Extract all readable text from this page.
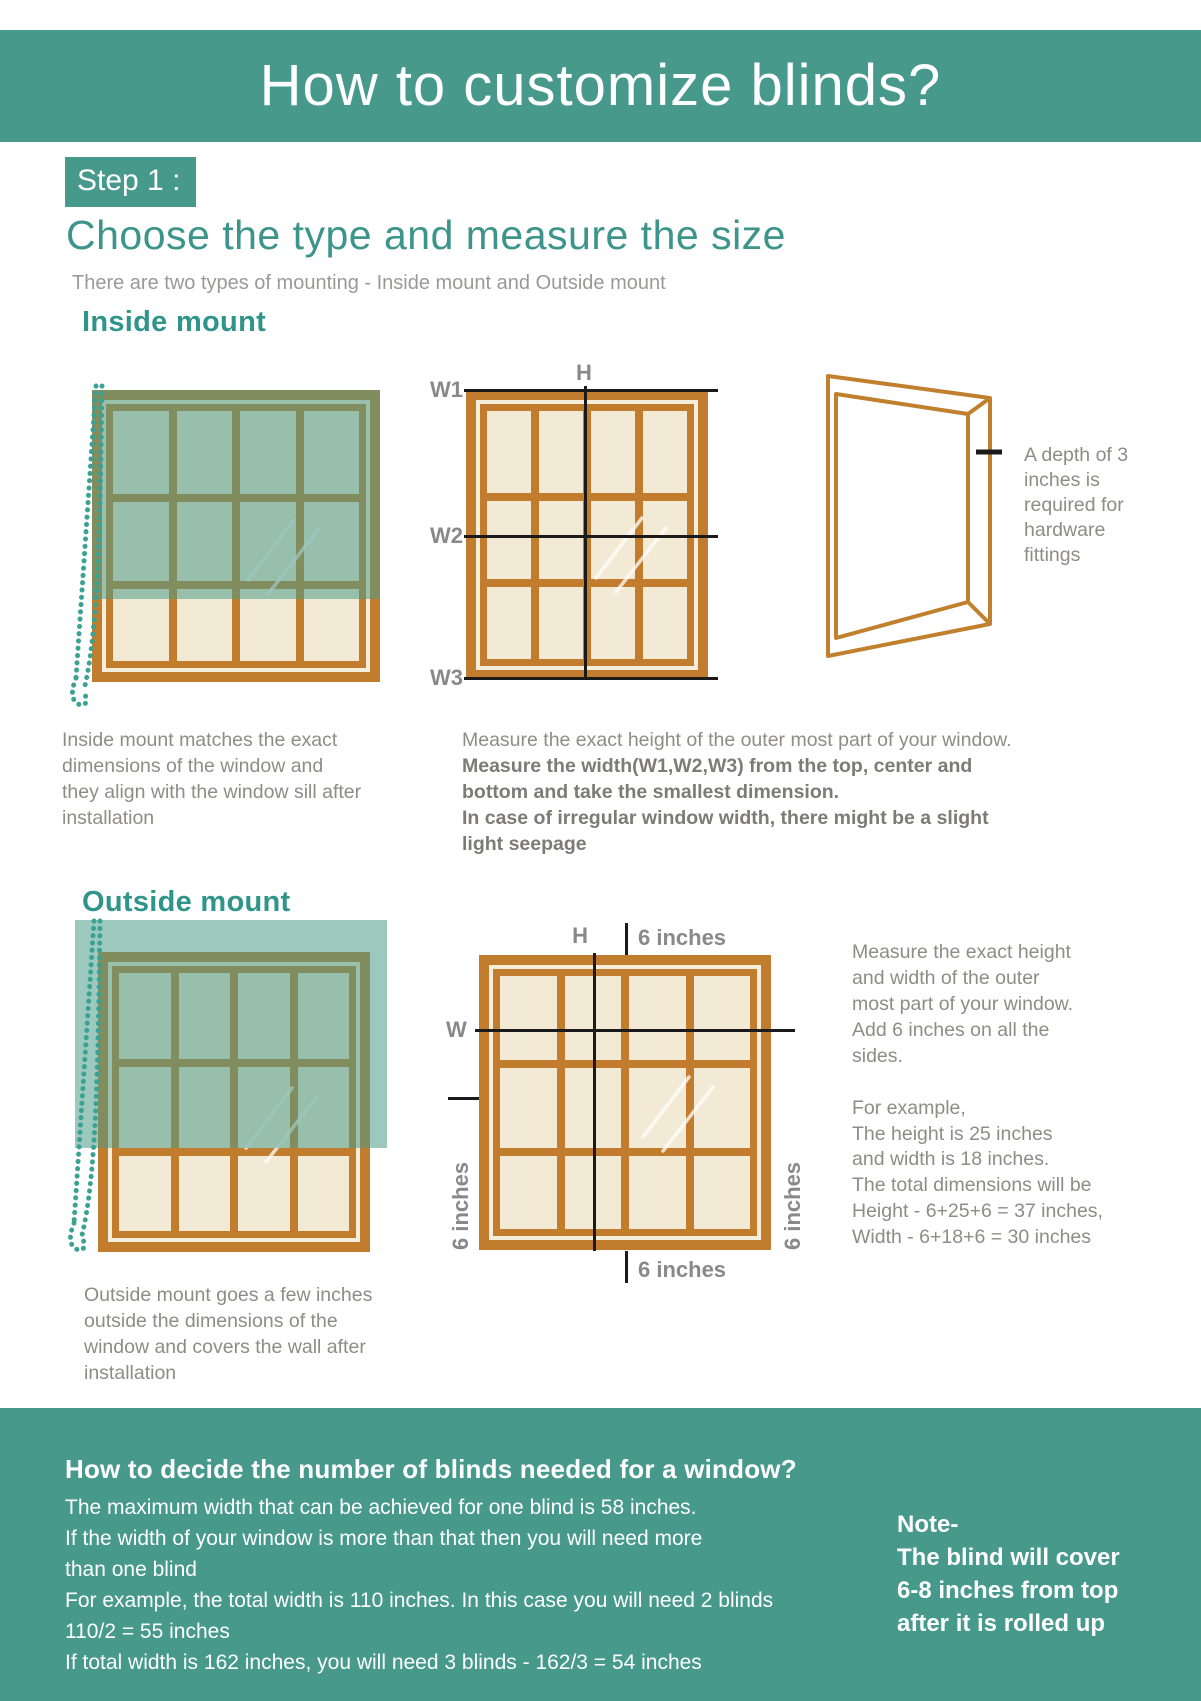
How to customize blinds?
Step 1 :
Choose the type and measure the size
There are two types of mounting - Inside mount and Outside mount
Inside mount
H
W1
W2
W3
A depth of 3 inches is required for hardware fittings
Inside mount matches the exact dimensions of the window and they align with the window sill after installation
Measure the exact height of the outer most part of your window.
Measure the width(W1,W2,W3) from the top, center and
bottom and take the smallest dimension.
In case of irregular window width, there might be a slight
light seepage
Outside mount
H 6 inches
W
6 inches	6 inches
6 inches
Measure the exact height
and width of the outer
most part of your window.
Add 6 inches on all the
sides.
For example,
The height is 25 inches
and width is 18 inches.
The total dimensions will be
Height - 6+25+6 = 37 inches,
Width - 6+18+6 = 30 inches
Outside mount goes a few inches outside the dimensions of the window and covers the wall after installation
How to decide the number of blinds needed for a window?
The maximum width that can be achieved for one blind is 58 inches.
If the width of your window is more than that then you will need more
than one blind
For example, the total width is 110 inches. In this case you will need 2 blinds
110/2 = 55 inches
If total width is 162 inches, you will need 3 blinds - 162/3 = 54 inches
Note-
The blind will cover
6-8 inches from top
after it is rolled up
